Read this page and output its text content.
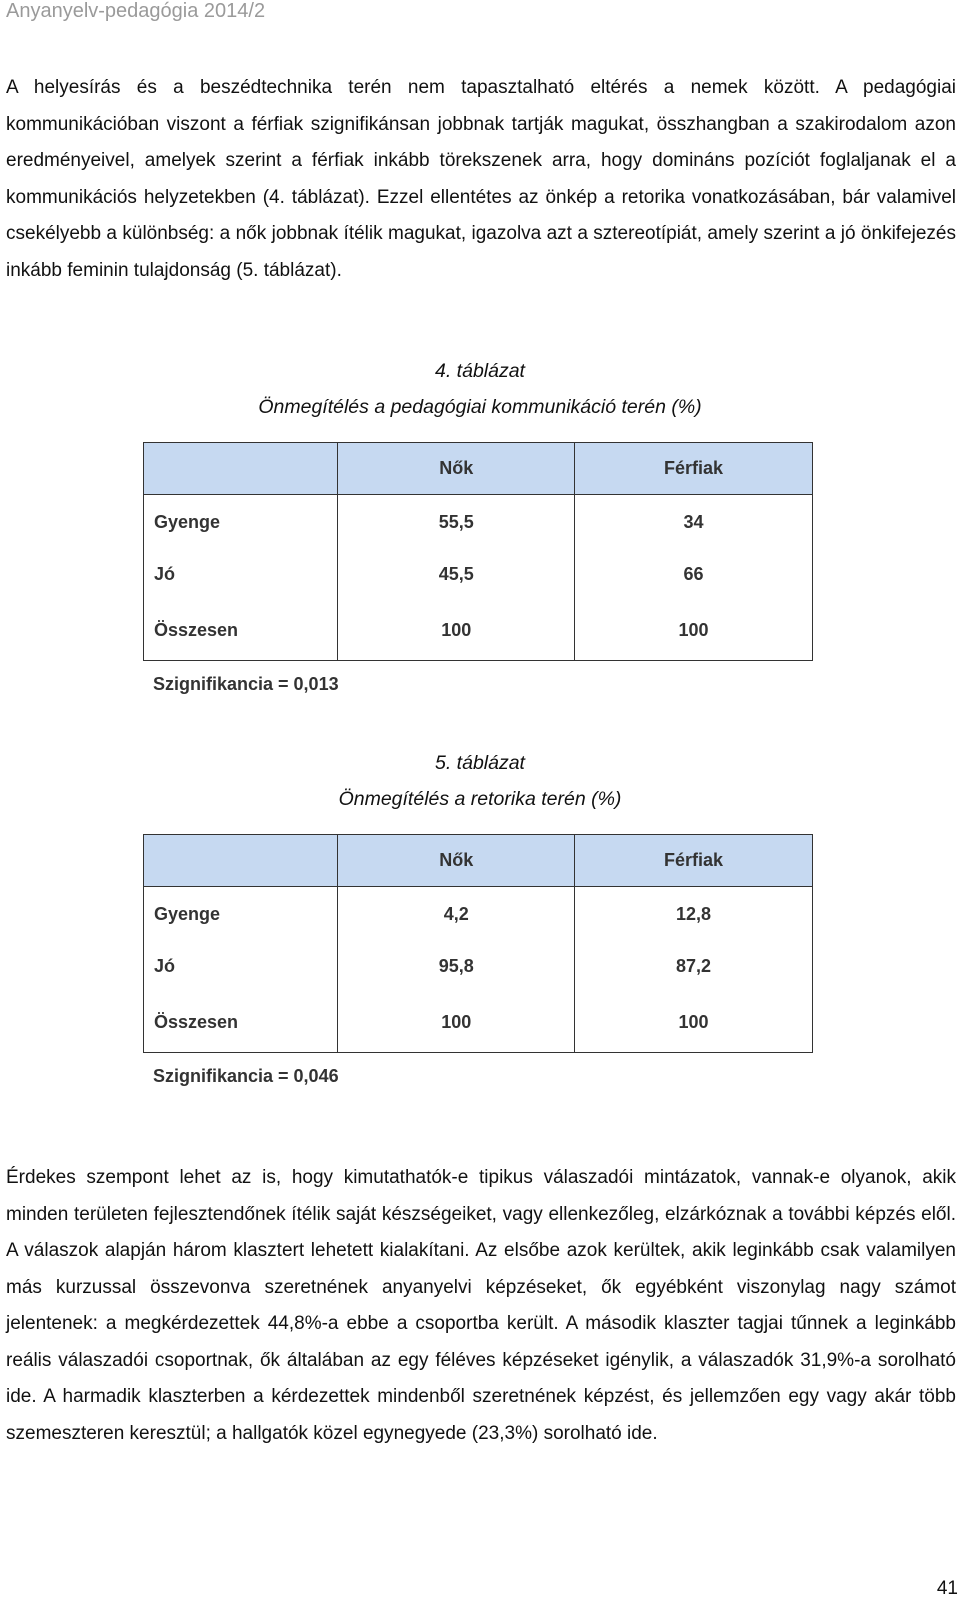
Anyanyelv-pedagógia 2014/2

A helyesírás és a beszédtechnika terén nem tapasztalható eltérés a nemek között. A pedagógiai kommunikációban viszont a férfiak szignifikánsan jobbnak tartják magukat, összhangban a szakirodalom azon eredményeivel, amelyek szerint a férfiak inkább törekszenek arra, hogy domináns pozíciót foglaljanak el a kommunikációs helyzetekben (4. táblázat). Ezzel ellentétes az önkép a retorika vonatkozásában, bár valamivel csekélyebb a különbség: a nők jobbnak ítélik magukat, igazolva azt a sztereotípiát, amely szerint a jó önkifejezés inkább feminin tulajdonság (5. táblázat).

4. táblázat
Önmegítélés a pedagógiai kommunikáció terén (%)
	Nők	Férfiak
Gyenge	55,5	34
Jó	45,5	66
Összesen	100	100
Szignifikancia = 0,013
5. táblázat
Önmegítélés a retorika terén (%)
	Nők	Férfiak
Gyenge	4,2	12,8
Jó	95,8	87,2
Összesen	100	100
Szignifikancia = 0,046

Érdekes szempont lehet az is, hogy kimutathatók-e tipikus válaszadói mintázatok, vannak-e olyanok, akik minden területen fejlesztendőnek ítélik saját készségeiket, vagy ellenkezőleg, elzárkóznak a további képzés elől. A válaszok alapján három klasztert lehetett kialakítani. Az elsőbe azok kerültek, akik leginkább csak valamilyen más kurzussal összevonva szeretnének anyanyelvi képzéseket, ők egyébként viszonylag nagy számot jelentenek: a megkérdezettek 44,8%-a ebbe a csoportba került. A második klaszter tagjai tűnnek a leginkább reális válaszadói csoportnak, ők általában az egy féléves képzéseket igénylik, a válaszadók 31,9%-a sorolható ide. A harmadik klaszterben a kérdezettek mindenből szeretnének képzést, és jellemzően egy vagy akár több szemeszteren keresztül; a hallgatók közel egynegyede (23,3%) sorolható ide.

41
